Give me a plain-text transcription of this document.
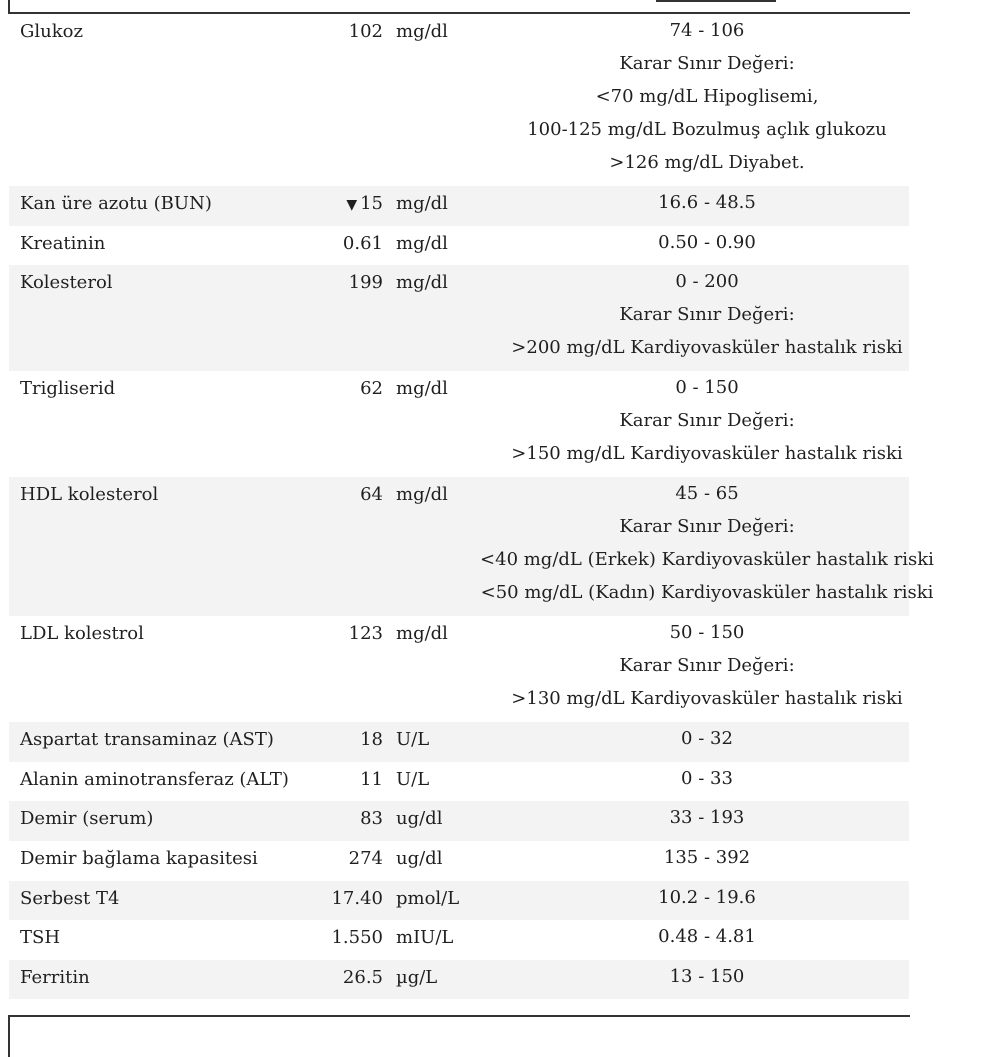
Glukoz	102 mg/dl	74 - 106
Karar Sınır Değeri:
<70 mg/dL Hipoglisemi,
100-125 mg/dL Bozulmuş açlık glukozu
>126 mg/dL Diyabet.
Kan üre azotu (BUN)	▼ 15 mg/dl	16.6 - 48.5
Kreatinin	0.61 mg/dl	0.50 - 0.90
Kolesterol	199 mg/dl	0 - 200
Karar Sınır Değeri:
>200 mg/dL Kardiyovasküler hastalık riski
Trigliserid	62 mg/dl	0 - 150
Karar Sınır Değeri:
>150 mg/dL Kardiyovasküler hastalık riski
HDL kolesterol	64 mg/dl	45 - 65
Karar Sınır Değeri:
<40 mg/dL (Erkek) Kardiyovasküler hastalık riski
<50 mg/dL (Kadın) Kardiyovasküler hastalık riski
LDL kolestrol	123 mg/dl	50 - 150
Karar Sınır Değeri:
>130 mg/dL Kardiyovasküler hastalık riski
Aspartat transaminaz (AST)	18 U/L	0 - 32
Alanin aminotransferaz (ALT)	11 U/L	0 - 33
Demir (serum)	83 ug/dl	33 - 193
Demir bağlama kapasitesi	274 ug/dl	135 - 392
Serbest T4	17.40 pmol/L	10.2 - 19.6
TSH	1.550 mIU/L	0.48 - 4.81
Ferritin	26.5 µg/L	13 - 150
